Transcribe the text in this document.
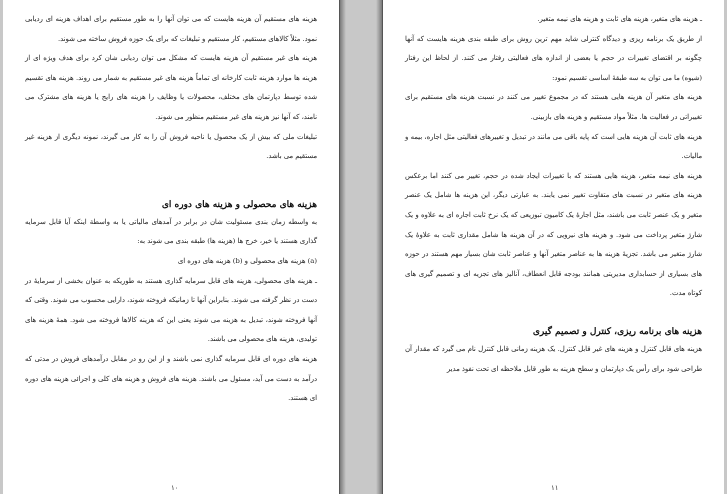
هزینه های مستقیم آن هزینه هایست که می توان آنها را به طور مستقیم برای اهداف هزینه ای ردیابی نمود. مثلاً کالاهای مستقیم، کار مستقیم و تبلیغات که برای یک حوزه فروش ساخته می شوند.

هزینه های غیر مستقیم آن هزینه هایست که مشکل می توان ردیابی شان کرد برای هدف ویژه ای از هزینه ها موارد هزینه ثابت کارخانه ای تماماً هزینه های غیر مستقیم به شمار می روند. هزینه های تقسیم شده توسط دپارتمان های مختلف، محصولات یا وظایف را هزینه های رایج یا هزینه های مشترک می نامند، که آنها نیز هزینه های غیر مستقیم منظور می شوند.

تبلیغات ملی که بیش از یک محصول یا ناحیه فروش آن را به کار می گیرند، نمونه دیگری از هزینه غیر مستقیم می باشد.

هزینه های محصولی و هزینه های دوره ای

به واسطه زمان بندی مسئولیت شان در برابر در آمدهای مالیاتی یا به واسطة اینکه آیا قابل سرمایه گذاری هستند یا خیر، خرج ها (هزینه ها) طبقه بندی می شوند به:

(a) هزینه های محصولی و (b) هزینه های دوره ای

ـ هزینه های محصولی، هزینه های قابل سرمایه گذاری هستند به طوریکه به عنوان بخشی از سرمایۀ در دست در نظر گرفته می شوند. بنابراین آنها تا زمانیکه فروخته شوند، دارایی محسوب می شوند. وقتی که آنها فروخته شوند، تبدیل به هزینه می شوند یعنی این که هزینه کالاها فروخته می شود. همۀ هزینه های تولیدی، هزینه های محصولی می باشند.

هزینه های دوره ای قابل سرمایه گذاری نمی باشند و از این رو در مقابل درآمدهای فروش در مدتی که درآمد به دست می آید، مسئول می باشند. هزینه های فروش و هزینه های کلی و اجرائی هزینه های دوره ای هستند.

۱۰

ـ هزینه های متغیر، هزینه های ثابت و هزینه های نیمه متغیر.

از طریق یک برنامه ریزی و دیدگاه کنترلی شاید مهم ترین روش برای طبقه بندی هزینه هایست که آنها چگونه بر اقتضای تغییرات در حجم یا بعضی از اندازه های فعالیتی رفتار می کنند. از لحاظ این رفتار (شیوه) ما می توان به سه طبقۀ اساسی تقسیم نمود:

هزینه های متغیر آن هزینه هایی هستند که در مجموع تغییر می کنند در نسبت هزینه های مستقیم برای تغییراتی در فعالیت ها. مثلاً مواد مستقیم و هزینه های بازبینی.

هزینه های ثابت آن هزینه هایی است که پایه باقی می مانند در تبدیل و تغییرهای فعالیتی مثل اجاره، بیمه و مالیات.

هزینه های نیمه متغیر، هزینه هایی هستند که با تغییرات ایجاد شده در حجم، تغییر می کنند اما برعکس هزینه های متغیر در نسبت های متفاوت تغییر نمی یابند. به عبارتی دیگر، این هزینه ها شامل یک عنصر متغیر و یک عنصر ثابت می باشند، مثل اجارۀ یک کامیون تبوزیعی که یک نرخ ثابت اجاره ای به علاوه و یک شارژ متغیر پرداخت می شود. و هزینه های نیرویی که در آن هزینه ها شامل مقداری ثابت به علاوۀ یک شارژ متغیر می باشد. تجزیۀ هزینه ها به عناصر متغیر آنها و عناصر ثابت شان بسیار مهم هستند در حوزه های بسیاری از حسابداری مدیریتی همانند بودجه قابل انعطاف، آنالیز های تجزیه ای و تصمیم گیری های کوتاه مدت.

هزینه های برنامه ریزی، کنترل و تصمیم گیری

هزینه های قابل کنترل و هزینه های غیر قابل کنترل. یک هزینه زمانی قابل کنترل نام می گیرد که مقدار آن طراحی شود برای رأس یک دپارتمان و سطح هزینه به طور قابل ملاحظه ای تحت نفوذ مدیر

۱۱
